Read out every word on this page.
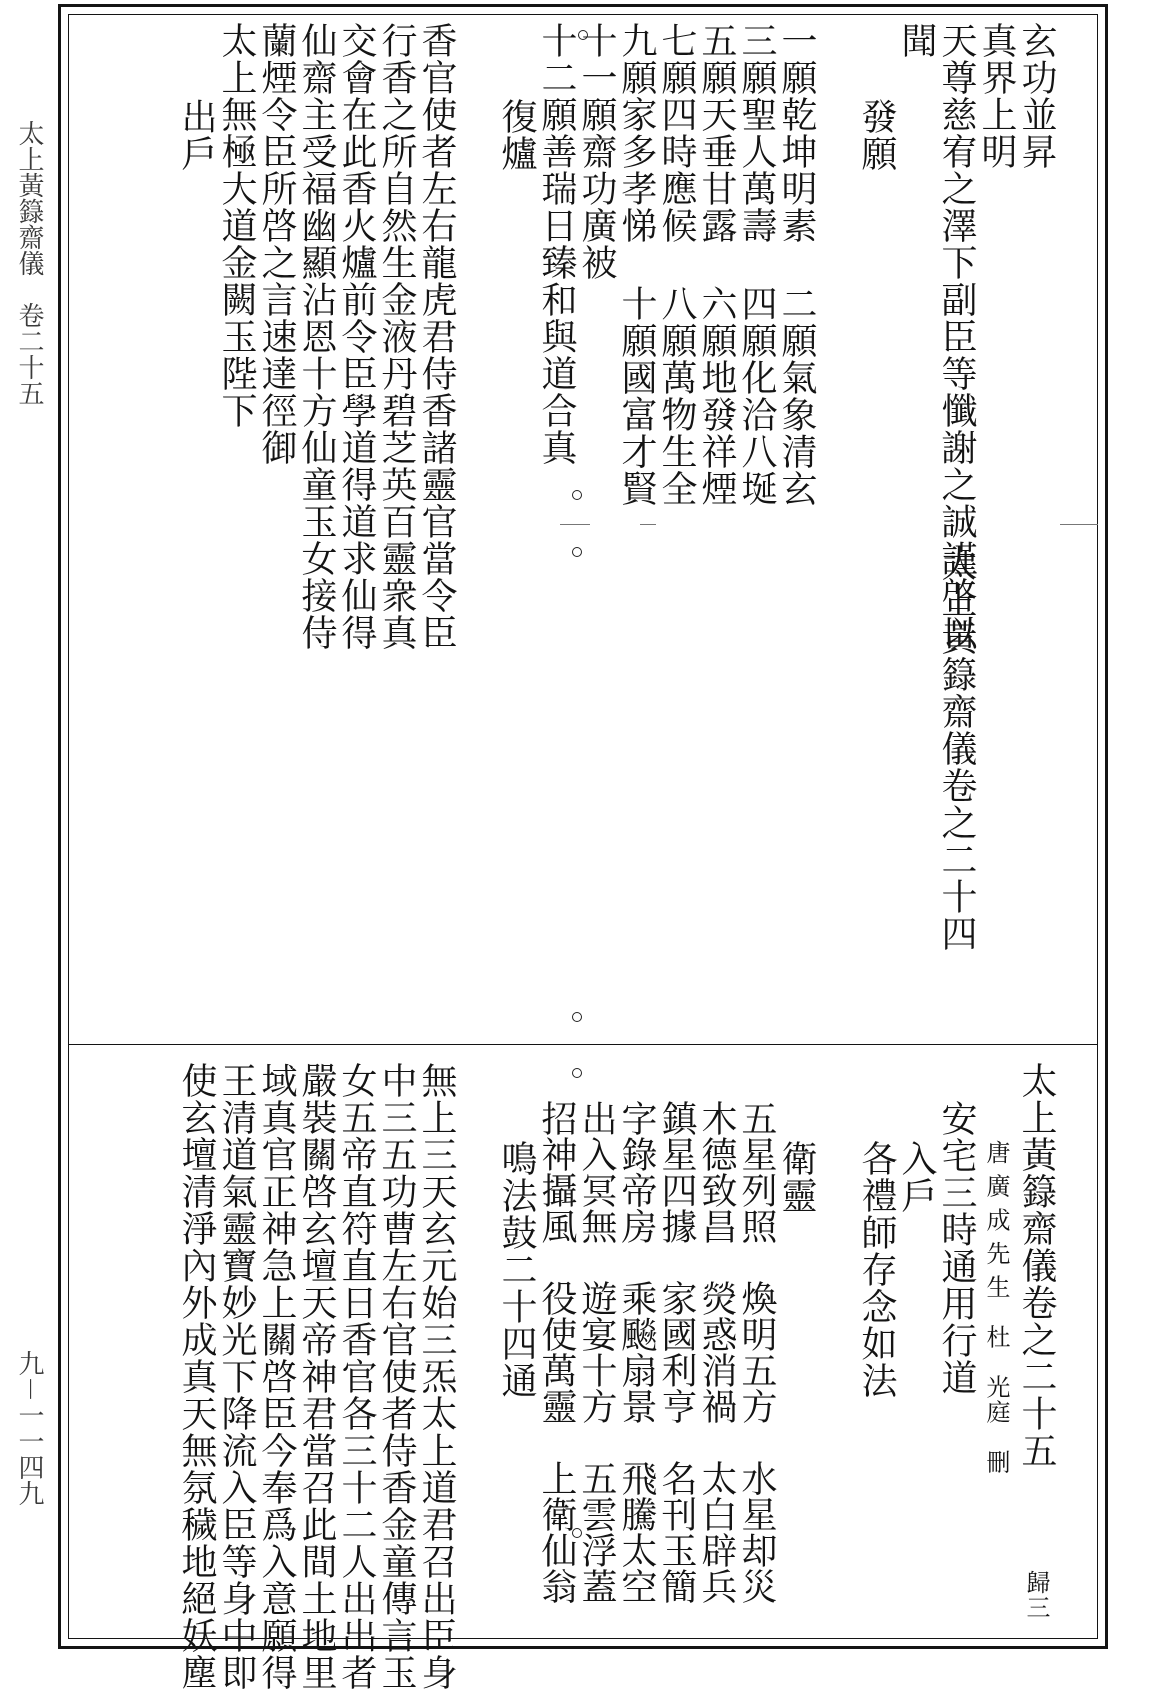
太上黃籙齋儀　卷二十五
九－一一四九
玄功並昇
真界上明
天尊慈宥之澤下副臣等懺謝之誠謹啓以
聞
發願
一願乾坤明素
二願氣象清玄
三願聖人萬壽
四願化洽八埏
五願天垂甘露
六願地發祥煙
七願四時應候
八願萬物生全
九願家多孝悌
十願國富才賢
十一願齋功廣被
十二願善瑞日臻和與道合真
復爐
香官使者左右龍虎君侍香諸靈官當令臣
行香之所自然生金液丹碧芝英百靈衆真
交會在此香火爐前令臣學道得道求仙得
仙齋主受福幽顯沾恩十方仙童玉女接侍
蘭煙令臣所啓之言速達徑御
太上無極大道金闕玉陛下
出戶
太上黃籙齋儀卷之二十四
太上黃籙齋儀卷之二十五
歸三
唐 廣 成 先 生　杜　光庭　刪
安宅三時通用行道
入戶
各禮師存念如法
衛靈
五星列照　煥明五方　水星却災
木德致昌　熒惑消禍　太白辟兵
鎮星四據　家國利亨　名刊玉簡
字錄帝房　乘飈扇景　飛騰太空
出入冥無　遊宴十方　五雲浮蓋
招神攝風　役使萬靈　上衛仙翁
鳴法鼓二十四通
無上三天玄元始三炁太上道君召出臣身
中三五功曹左右官使者侍香金童傳言玉
女五帝直符直日香官各三十二人出出者
嚴裝關啓玄壇天帝神君當召此間土地里
域真官正神急上關啓臣今奉爲入意願得
王清道氣靈寶妙光下降流入臣等身中即
使玄壇清淨內外成真天無氛穢地絕妖塵
